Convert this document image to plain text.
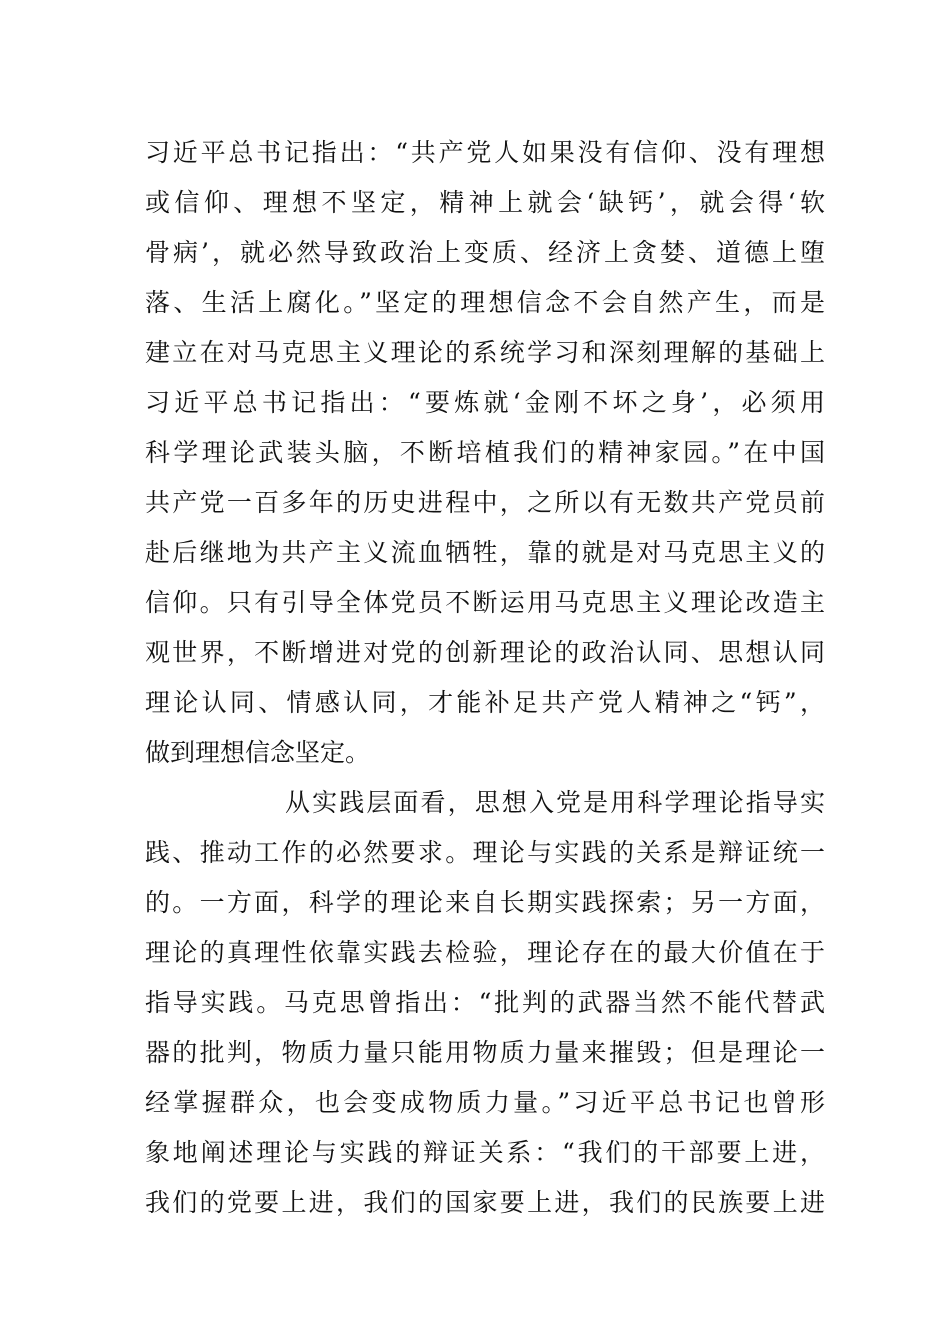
习近平总书记指出：“共产党人如果没有信仰、没有理想
或信仰、理想不坚定，精神上就会‘缺钙’，就会得‘软
骨病’，就必然导致政治上变质、经济上贪婪、道德上堕
落、生活上腐化。”坚定的理想信念不会自然产生，而是
建立在对马克思主义理论的系统学习和深刻理解的基础上
习近平总书记指出：“要炼就‘金刚不坏之身’，必须用
科学理论武装头脑，不断培植我们的精神家园。”在中国
共产党一百多年的历史进程中，之所以有无数共产党员前
赴后继地为共产主义流血牺牲，靠的就是对马克思主义的
信仰。只有引导全体党员不断运用马克思主义理论改造主
观世界，不断增进对党的创新理论的政治认同、思想认同
理论认同、情感认同，才能补足共产党人精神之“钙”，
做到理想信念坚定。
从实践层面看，思想入党是用科学理论指导实
践、推动工作的必然要求。理论与实践的关系是辩证统一
的。一方面，科学的理论来自长期实践探索；另一方面，
理论的真理性依靠实践去检验，理论存在的最大价值在于
指导实践。马克思曾指出：“批判的武器当然不能代替武
器的批判，物质力量只能用物质力量来摧毁；但是理论一
经掌握群众，也会变成物质力量。”习近平总书记也曾形
象地阐述理论与实践的辩证关系：“我们的干部要上进，
我们的党要上进，我们的国家要上进，我们的民族要上进
